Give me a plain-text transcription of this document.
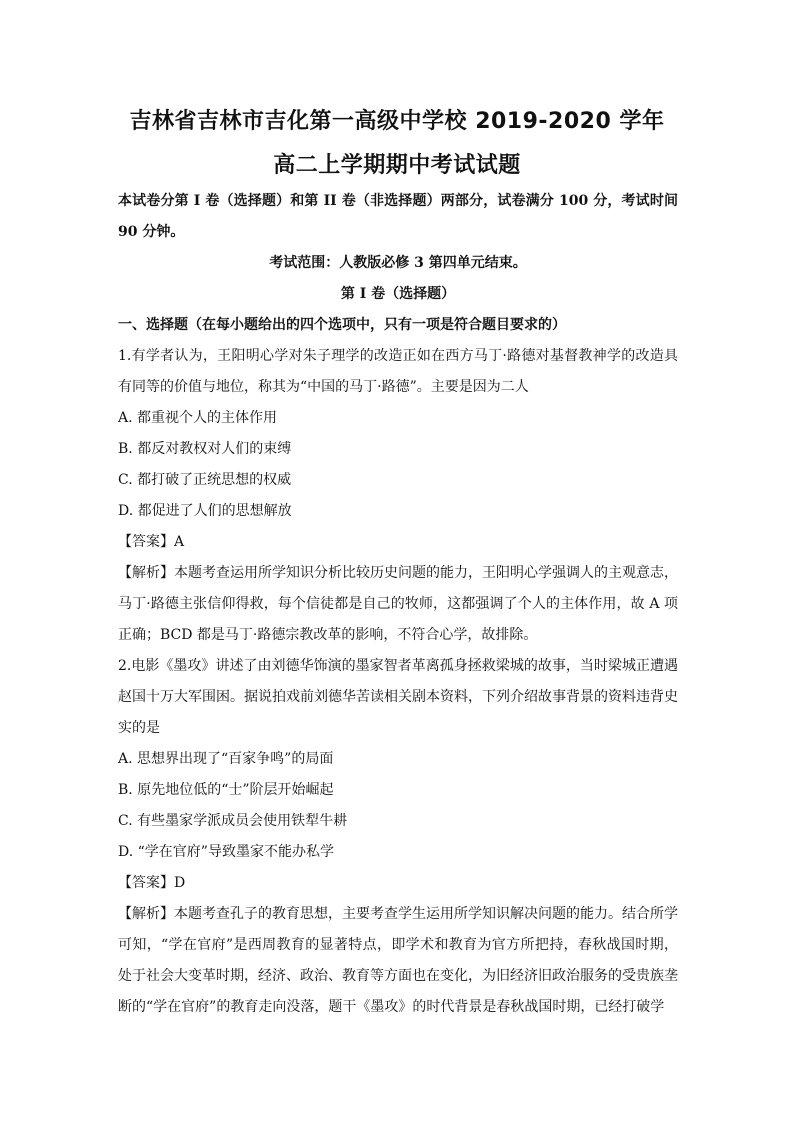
吉林省吉林市吉化第一高级中学校 2019-2020 学年
高二上学期期中考试试题

本试卷分第 I 卷（选择题）和第 II 卷（非选择题）两部分，试卷满分 100 分，考试时间 90 分钟。

考试范围：人教版必修 3 第四单元结束。

第 I 卷（选择题）

一、选择题（在每小题给出的四个选项中，只有一项是符合题目要求的）

1.有学者认为，王阳明心学对朱子理学的改造正如在西方马丁·路德对基督教神学的改造具有同等的价值与地位，称其为“中国的马丁·路德”。主要是因为二人

A. 都重视个人的主体作用

B. 都反对教权对人们的束缚

C. 都打破了正统思想的权威

D. 都促进了人们的思想解放

【答案】A

【解析】本题考查运用所学知识分析比较历史问题的能力，王阳明心学强调人的主观意志，马丁·路德主张信仰得救，每个信徒都是自己的牧师，这都强调了个人的主体作用，故 A 项正确；BCD 都是马丁·路德宗教改革的影响，不符合心学，故排除。

2.电影《墨攻》讲述了由刘德华饰演的墨家智者革离孤身拯救梁城的故事，当时梁城正遭遇赵国十万大军围困。据说拍戏前刘德华苦读相关剧本资料，下列介绍故事背景的资料违背史实的是

A. 思想界出现了“百家争鸣”的局面

B. 原先地位低的“士”阶层开始崛起

C. 有些墨家学派成员会使用铁犁牛耕

D. “学在官府”导致墨家不能办私学

【答案】D

【解析】本题考查孔子的教育思想，主要考查学生运用所学知识解决问题的能力。结合所学可知，“学在官府”是西周教育的显著特点，即学术和教育为官方所把持，春秋战国时期，处于社会大变革时期，经济、政治、教育等方面也在变化，为旧经济旧政治服务的受贵族垄断的“学在官府”的教育走向没落，题干《墨攻》的时代背景是春秋战国时期，已经打破学
